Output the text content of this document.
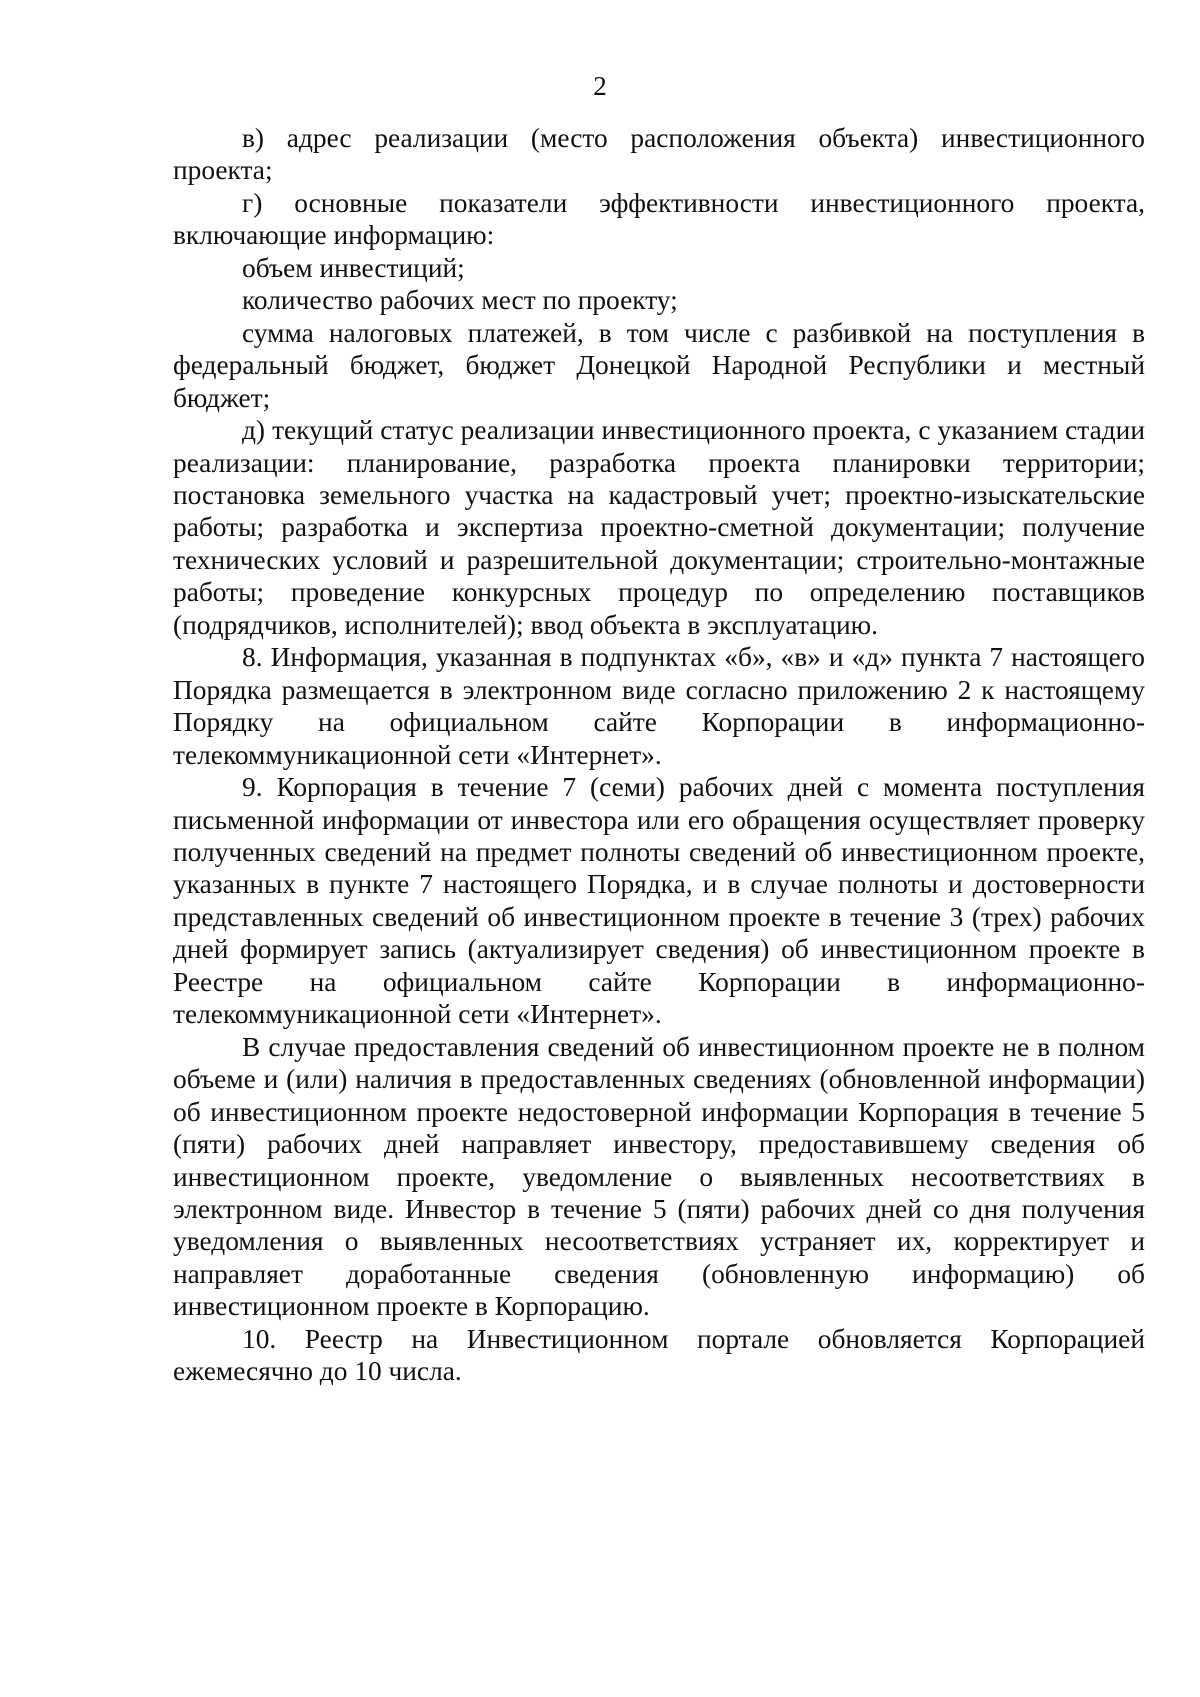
2

в) адрес реализации (место расположения объекта) инвестиционного проекта;

г) основные показатели эффективности инвестиционного проекта, включающие информацию:

объем инвестиций;

количество рабочих мест по проекту;

сумма налоговых платежей, в том числе с разбивкой на поступления в федеральный бюджет, бюджет Донецкой Народной Республики и местный бюджет;

д) текущий статус реализации инвестиционного проекта, с указанием стадии реализации: планирование, разработка проекта планировки территории; постановка земельного участка на кадастровый учет; проектно-изыскательские работы; разработка и экспертиза проектно-сметной документации; получение технических условий и разрешительной документации; строительно-монтажные работы; проведение конкурсных процедур по определению поставщиков (подрядчиков, исполнителей); ввод объекта в эксплуатацию.

8. Информация, указанная в подпунктах «б», «в» и «д» пункта 7 настоящего Порядка размещается в электронном виде согласно приложению 2 к настоящему Порядку на официальном сайте Корпорации в информационно-телекоммуникационной сети «Интернет».

9. Корпорация в течение 7 (семи) рабочих дней с момента поступления письменной информации от инвестора или его обращения осуществляет проверку полученных сведений на предмет полноты сведений об инвестиционном проекте, указанных в пункте 7 настоящего Порядка, и в случае полноты и достоверности представленных сведений об инвестиционном проекте в течение 3 (трех) рабочих дней формирует запись (актуализирует сведения) об инвестиционном проекте в Реестре на официальном сайте Корпорации в информационно-телекоммуникационной сети «Интернет».

В случае предоставления сведений об инвестиционном проекте не в полном объеме и (или) наличия в предоставленных сведениях (обновленной информации) об инвестиционном проекте недостоверной информации Корпорация в течение 5 (пяти) рабочих дней направляет инвестору, предоставившему сведения об инвестиционном проекте, уведомление о выявленных несоответствиях в электронном виде. Инвестор в течение 5 (пяти) рабочих дней со дня получения уведомления о выявленных несоответствиях устраняет их, корректирует и направляет доработанные сведения (обновленную информацию) об инвестиционном проекте в Корпорацию.

10. Реестр на Инвестиционном портале обновляется Корпорацией ежемесячно до 10 числа.
